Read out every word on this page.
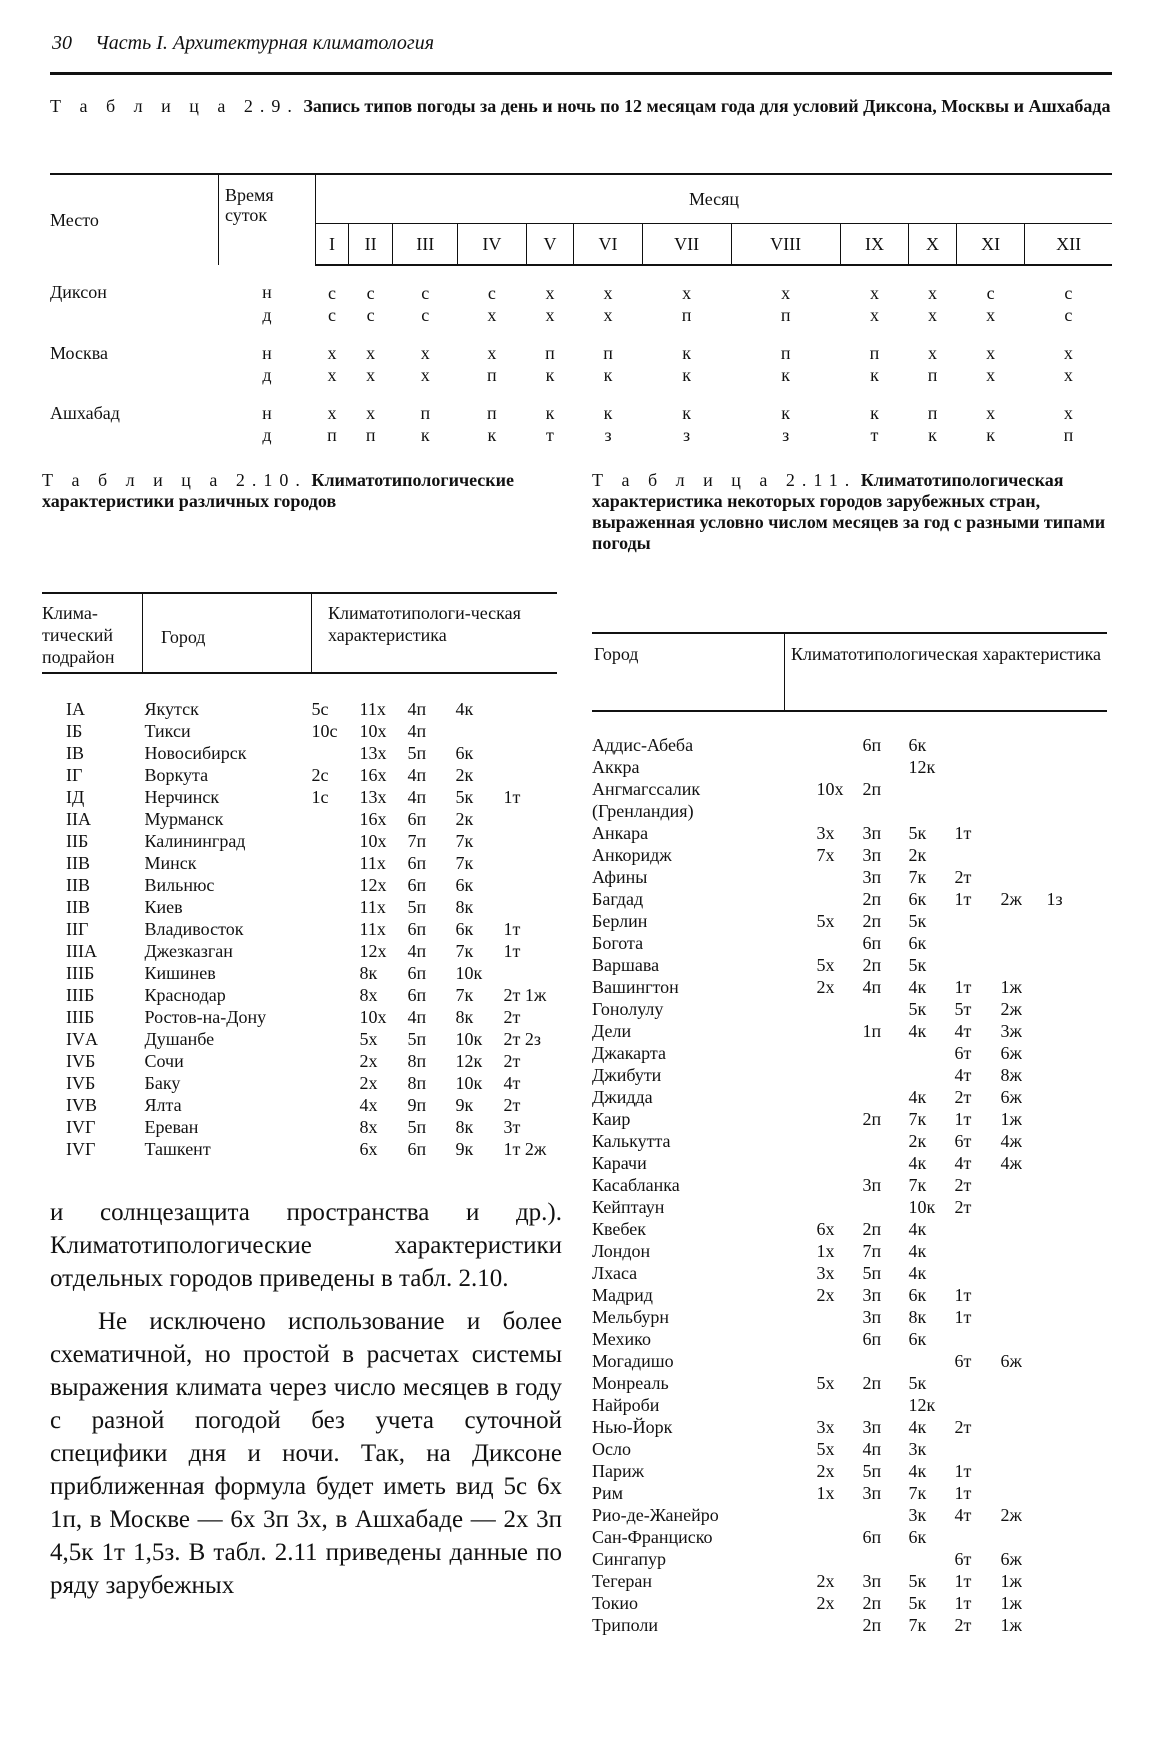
30 Часть I. Архитектурная климатология
Т а б л и ц а 2.9. Запись типов погоды за день и ночь по 12 месяцам года для условий Диксона, Москвы и Ашхабада
Место	Время суток	Месяц											
		I	II	III	IV	V	VI	VII	VIII	IX	X	XI	XII
Диксон	н	с	с	с	с	х	х	х	х	х	х	с	с
	д	с	с	с	х	х	х	п	п	х	х	х	с
Москва	н	х	х	х	х	п	п	к	п	п	х	х	х
	д	х	х	х	п	к	к	к	к	к	п	х	х
Ашхабад	н	х	х	п	п	к	к	к	к	к	п	х	х
	д	п	п	к	к	т	з	з	з	т	к	к	п
Т а б л и ц а 2.10. Климатотипологические характеристики различных городов
Клима-тический подрайон	Город	Климатотипологи-ческая характеристика
IА	Якутск	5с 11х 4п 4к
IБ	Тикси	10с 10х 4п
IВ	Новосибирск	13х 5п 6к
IГ	Воркута	2с 16х 4п 2к
IД	Нерчинск	1с 13х 4п 5к 1т
IIА	Мурманск	16х 6п 2к
IIБ	Калининград	10х 7п 7к
IIВ	Минск	11х 6п 7к
IIВ	Вильнюс	12х 6п 6к
IIВ	Киев	11х 5п 8к
IIГ	Владивосток	11х 6п 6к 1т
IIIА	Джезказган	12х 4п 7к 1т
IIIБ	Кишинев	8к 6п 10к
IIIБ	Краснодар	8х 6п 7к 2т 1ж
IIIБ	Ростов-на-Дону	10х 4п 8к 2т
IVА	Душанбе	5х 5п 10к 2т 2з
IVБ	Сочи	2х 8п 12к 2т
IVБ	Баку	2х 8п 10к 4т
IVВ	Ялта	4х 9п 9к 2т
IVГ	Ереван	8х 5п 8к 3т
IVГ	Ташкент	6х 6п 9к 1т 2ж
Т а б л и ц а 2.11. Климатотипологическая характеристика некоторых городов зарубежных стран, выраженная условно числом месяцев за год с разными типами погоды
Город	Климатотипологическая характеристика
Аддис-Абеба	6п 6к
Аккра	12к
Ангмагссалик	10х 2п
(Гренландия)	
Анкара	3х 3п 5к 1т
Анкоридж	7х 3п 2к
Афины	3п 7к 2т
Багдад	2п 6к 1т 2ж 1з
Берлин	5х 2п 5к
Богота	6п 6к
Варшава	5х 2п 5к
Вашингтон	2х 4п 4к 1т 1ж
Гонолулу	5к 5т 2ж
Дели	1п 4к 4т 3ж
Джакарта	6т 6ж
Джибути	4т 8ж
Джидда	4к 2т 6ж
Каир	2п 7к 1т 1ж
Калькутта	2к 6т 4ж
Карачи	4к 4т 4ж
Касабланка	3п 7к 2т
Кейптаун	10к 2т
Квебек	6х 2п 4к
Лондон	1х 7п 4к
Лхаса	3х 5п 4к
Мадрид	2х 3п 6к 1т
Мельбурн	3п 8к 1т
Мехико	6п 6к
Могадишо	6т 6ж
Монреаль	5х 2п 5к
Найроби	12к
Нью-Йорк	3х 3п 4к 2т
Осло	5х 4п 3к
Париж	2х 5п 4к 1т
Рим	1х 3п 7к 1т
Рио-де-Жанейро	3к 4т 2ж
Сан-Франциско	6п 6к
Сингапур	6т 6ж
Тегеран	2х 3п 5к 1т 1ж
Токио	2х 2п 5к 1т 1ж
Триполи	2п 7к 2т 1ж

и солнцезащита пространства и др.). Климатотипологические характеристики отдельных городов приведены в табл. 2.10.

Не исключено использование и более схематичной, но простой в расчетах системы выражения климата через число месяцев в году с разной погодой без учета суточной специфики дня и ночи. Так, на Диксоне приближенная формула будет иметь вид 5с 6х 1п, в Москве — 6х 3п 3х, в Ашхабаде — 2х 3п 4,5к 1т 1,5з. В табл. 2.11 приведены данные по ряду зарубежных
